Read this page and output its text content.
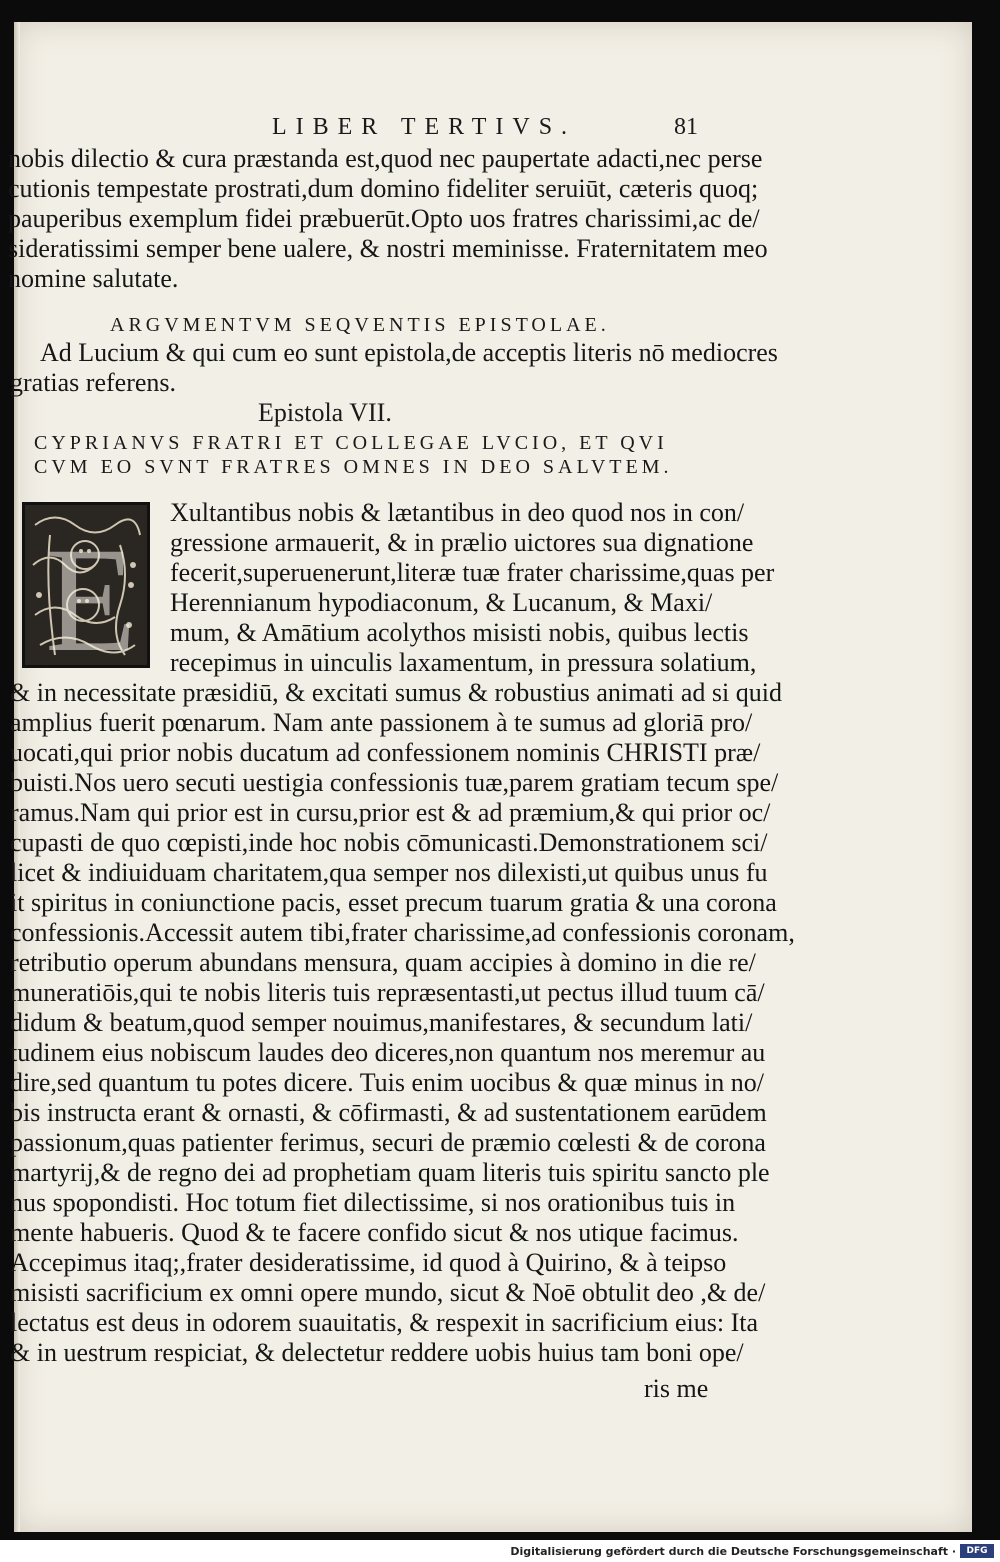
LIBER TERTIVS.	81
nobis dilectio & cura præstanda est,quod nec paupertate adacti,nec perse
cutionis tempestate prostrati,dum domino fideliter seruiūt, cæteris quoq;
pauperibus exemplum fidei præbuerūt.Opto uos fratres charissimi,ac de/
sideratissimi semper bene ualere, & nostri meminisse. Fraternitatem meo
nomine salutate.
ARGVMENTVM SEQVENTIS EPISTOLAE.
Ad Lucium & qui cum eo sunt epistola,de acceptis literis nō mediocres
gratias referens.
Epistola VII.
CYPRIANVS FRATRI ET COLLEGAE LVCIO, ET QVI
CVM EO SVNT FRATRES OMNES IN DEO SALVTEM.
E
Xultantibus nobis & lætantibus in deo quod nos in con/
gressione armauerit, & in prælio uictores sua dignatione
fecerit,superuenerunt,literæ tuæ frater charissime,quas per
Herennianum hypodiaconum, & Lucanum, & Maxi/
mum, & Amātium acolythos misisti nobis, quibus lectis
recepimus in uinculis laxamentum, in pressura solatium,
& in necessitate præsidiū, & excitati sumus & robustius animati ad si quid
amplius fuerit pœnarum. Nam ante passionem à te sumus ad gloriā pro/
uocati,qui prior nobis ducatum ad confessionem nominis CHRISTI præ/
buisti.Nos uero secuti uestigia confessionis tuæ,parem gratiam tecum spe/
ramus.Nam qui prior est in cursu,prior est & ad præmium,& qui prior oc/
cupasti de quo cœpisti,inde hoc nobis cōmunicasti.Demonstrationem sci/
licet & indiuiduam charitatem,qua semper nos dilexisti,ut quibus unus fu
it spiritus in coniunctione pacis, esset precum tuarum gratia & una corona
confessionis.Accessit autem tibi,frater charissime,ad confessionis coronam,
retributio operum abundans mensura, quam accipies à domino in die re/
muneratiōis,qui te nobis literis tuis repræsentasti,ut pectus illud tuum cā/
didum & beatum,quod semper nouimus,manifestares, & secundum lati/
tudinem eius nobiscum laudes deo diceres,non quantum nos meremur au
dire,sed quantum tu potes dicere. Tuis enim uocibus & quæ minus in no/
bis instructa erant & ornasti, & cōfirmasti, & ad sustentationem earūdem
passionum,quas patienter ferimus, securi de præmio cœlesti & de corona
martyrij,& de regno dei ad prophetiam quam literis tuis spiritu sancto ple
nus spopondisti. Hoc totum fiet dilectissime, si nos orationibus tuis in
mente habueris. Quod & te facere confido sicut & nos utique facimus.
Accepimus itaq;,frater desideratissime, id quod à Quirino, & à teipso
misisti sacrificium ex omni opere mundo, sicut & Noē obtulit deo ,& de/
lectatus est deus in odorem suauitatis, & respexit in sacrificium eius: Ita
& in uestrum respiciat, & delectetur reddere uobis huius tam boni ope/
ris me
Digitalisierung gefördert durch die Deutsche Forschungsgemeinschaft ·	DFG
